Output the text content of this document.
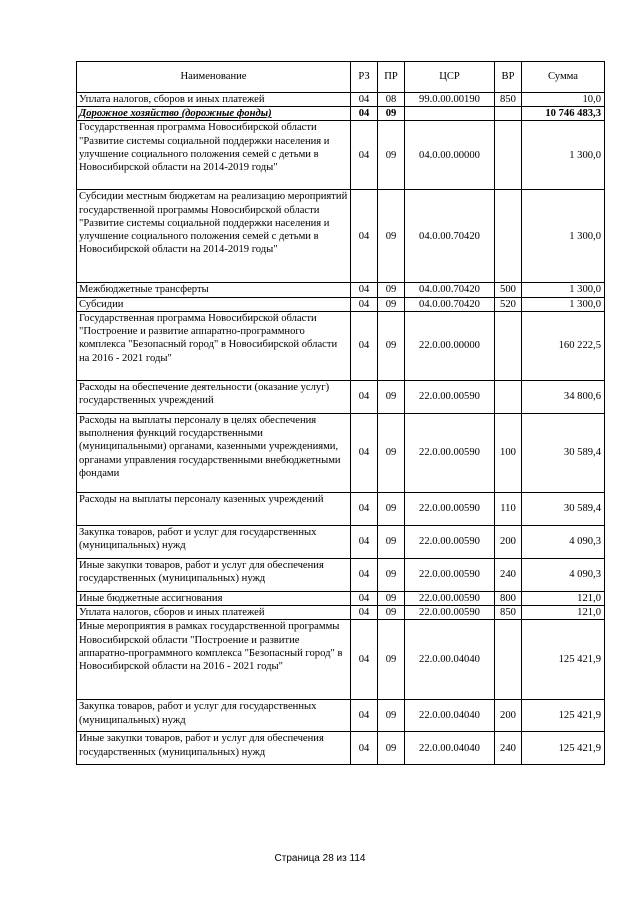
Наименование	РЗ	ПР	ЦСР	ВР	Сумма
Уплата налогов, сборов и иных платежей	04	08	99.0.00.00190	850	10,0
Дорожное хозяйство (дорожные фонды)	04	09			10 746 483,3
Государственная программа Новосибирской области "Развитие системы социальной поддержки населения и улучшение социального положения семей с детьми в Новосибирской области на 2014-2019 годы"	04	09	04.0.00.00000		1 300,0
Субсидии местным бюджетам на реализацию мероприятий государственной программы Новосибирской области "Развитие системы социальной поддержки населения и улучшение социального положения семей с детьми в Новосибирской области на 2014-2019 годы"	04	09	04.0.00.70420		1 300,0
Межбюджетные трансферты	04	09	04.0.00.70420	500	1 300,0
Субсидии	04	09	04.0.00.70420	520	1 300,0
Государственная программа Новосибирской области "Построение и развитие аппаратно-программного комплекса "Безопасный город" в Новосибирской области на 2016 - 2021 годы"	04	09	22.0.00.00000		160 222,5
Расходы на обеспечение деятельности (оказание услуг) государственных учреждений	04	09	22.0.00.00590		34 800,6
Расходы на выплаты персоналу в целях обеспечения выполнения функций государственными (муниципальными) органами, казенными учреждениями, органами управления государственными внебюджетными фондами	04	09	22.0.00.00590	100	30 589,4
Расходы на выплаты персоналу казенных учреждений	04	09	22.0.00.00590	110	30 589,4
Закупка товаров, работ и услуг для государственных (муниципальных) нужд	04	09	22.0.00.00590	200	4 090,3
Иные закупки товаров, работ и услуг для обеспечения государственных (муниципальных) нужд	04	09	22.0.00.00590	240	4 090,3
Иные бюджетные ассигнования	04	09	22.0.00.00590	800	121,0
Уплата налогов, сборов и иных платежей	04	09	22.0.00.00590	850	121,0
Иные мероприятия в рамках государственной программы Новосибирской области "Построение и развитие аппаратно-программного комплекса "Безопасный город" в Новосибирской области на 2016 - 2021 годы"	04	09	22.0.00.04040		125 421,9
Закупка товаров, работ и услуг для государственных (муниципальных) нужд	04	09	22.0.00.04040	200	125 421,9
Иные закупки товаров, работ и услуг для обеспечения государственных (муниципальных) нужд	04	09	22.0.00.04040	240	125 421,9
Страница 28 из 114
